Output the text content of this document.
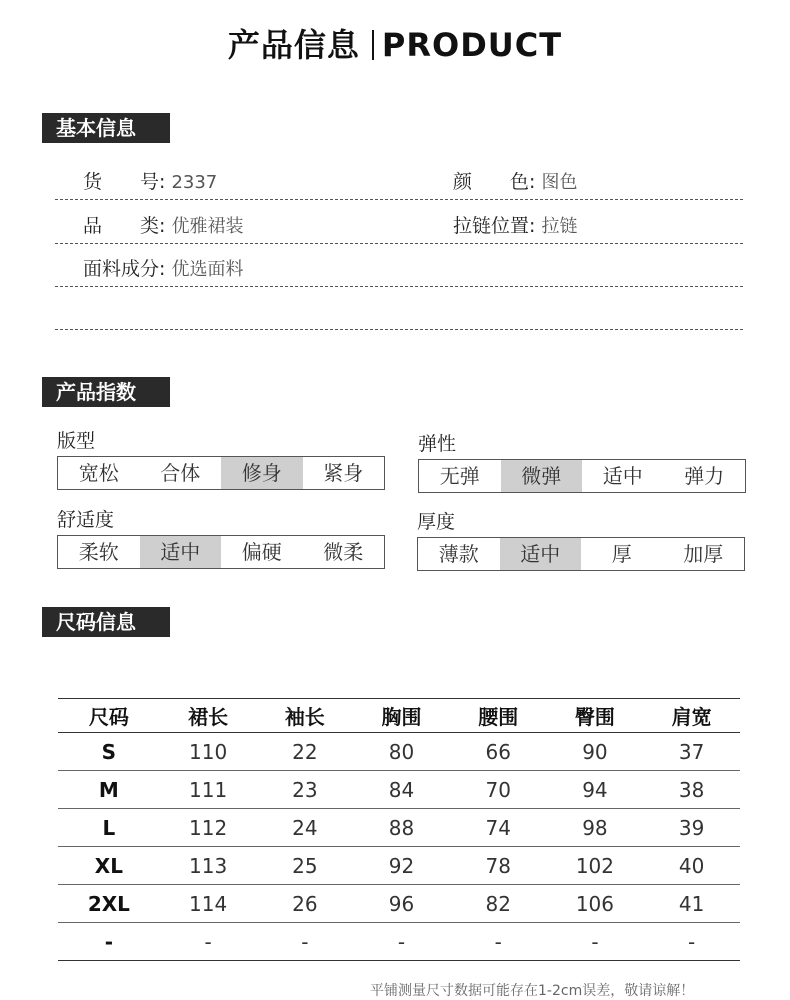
产品信息 PRODUCT
基本信息
货　　号: 2337	颜　　色: 图色
品　　类: 优雅裙装	拉链位置: 拉链
面料成分: 优选面料
产品指数
版型
宽松	合体	修身	紧身
弹性
无弹	微弹	适中	弹力
舒适度
柔软	适中	偏硬	微柔
厚度
薄款	适中	厚	加厚
尺码信息
尺码	裙长	袖长	胸围	腰围	臀围	肩宽
S	110	22	80	66	90	37
M	111	23	84	70	94	38
L	112	24	88	74	98	39
XL	113	25	92	78	102	40
2XL	114	26	96	82	106	41
-	-	-	-	-	-	-
平铺测量尺寸数据可能存在1-2cm误差，敬请谅解！
